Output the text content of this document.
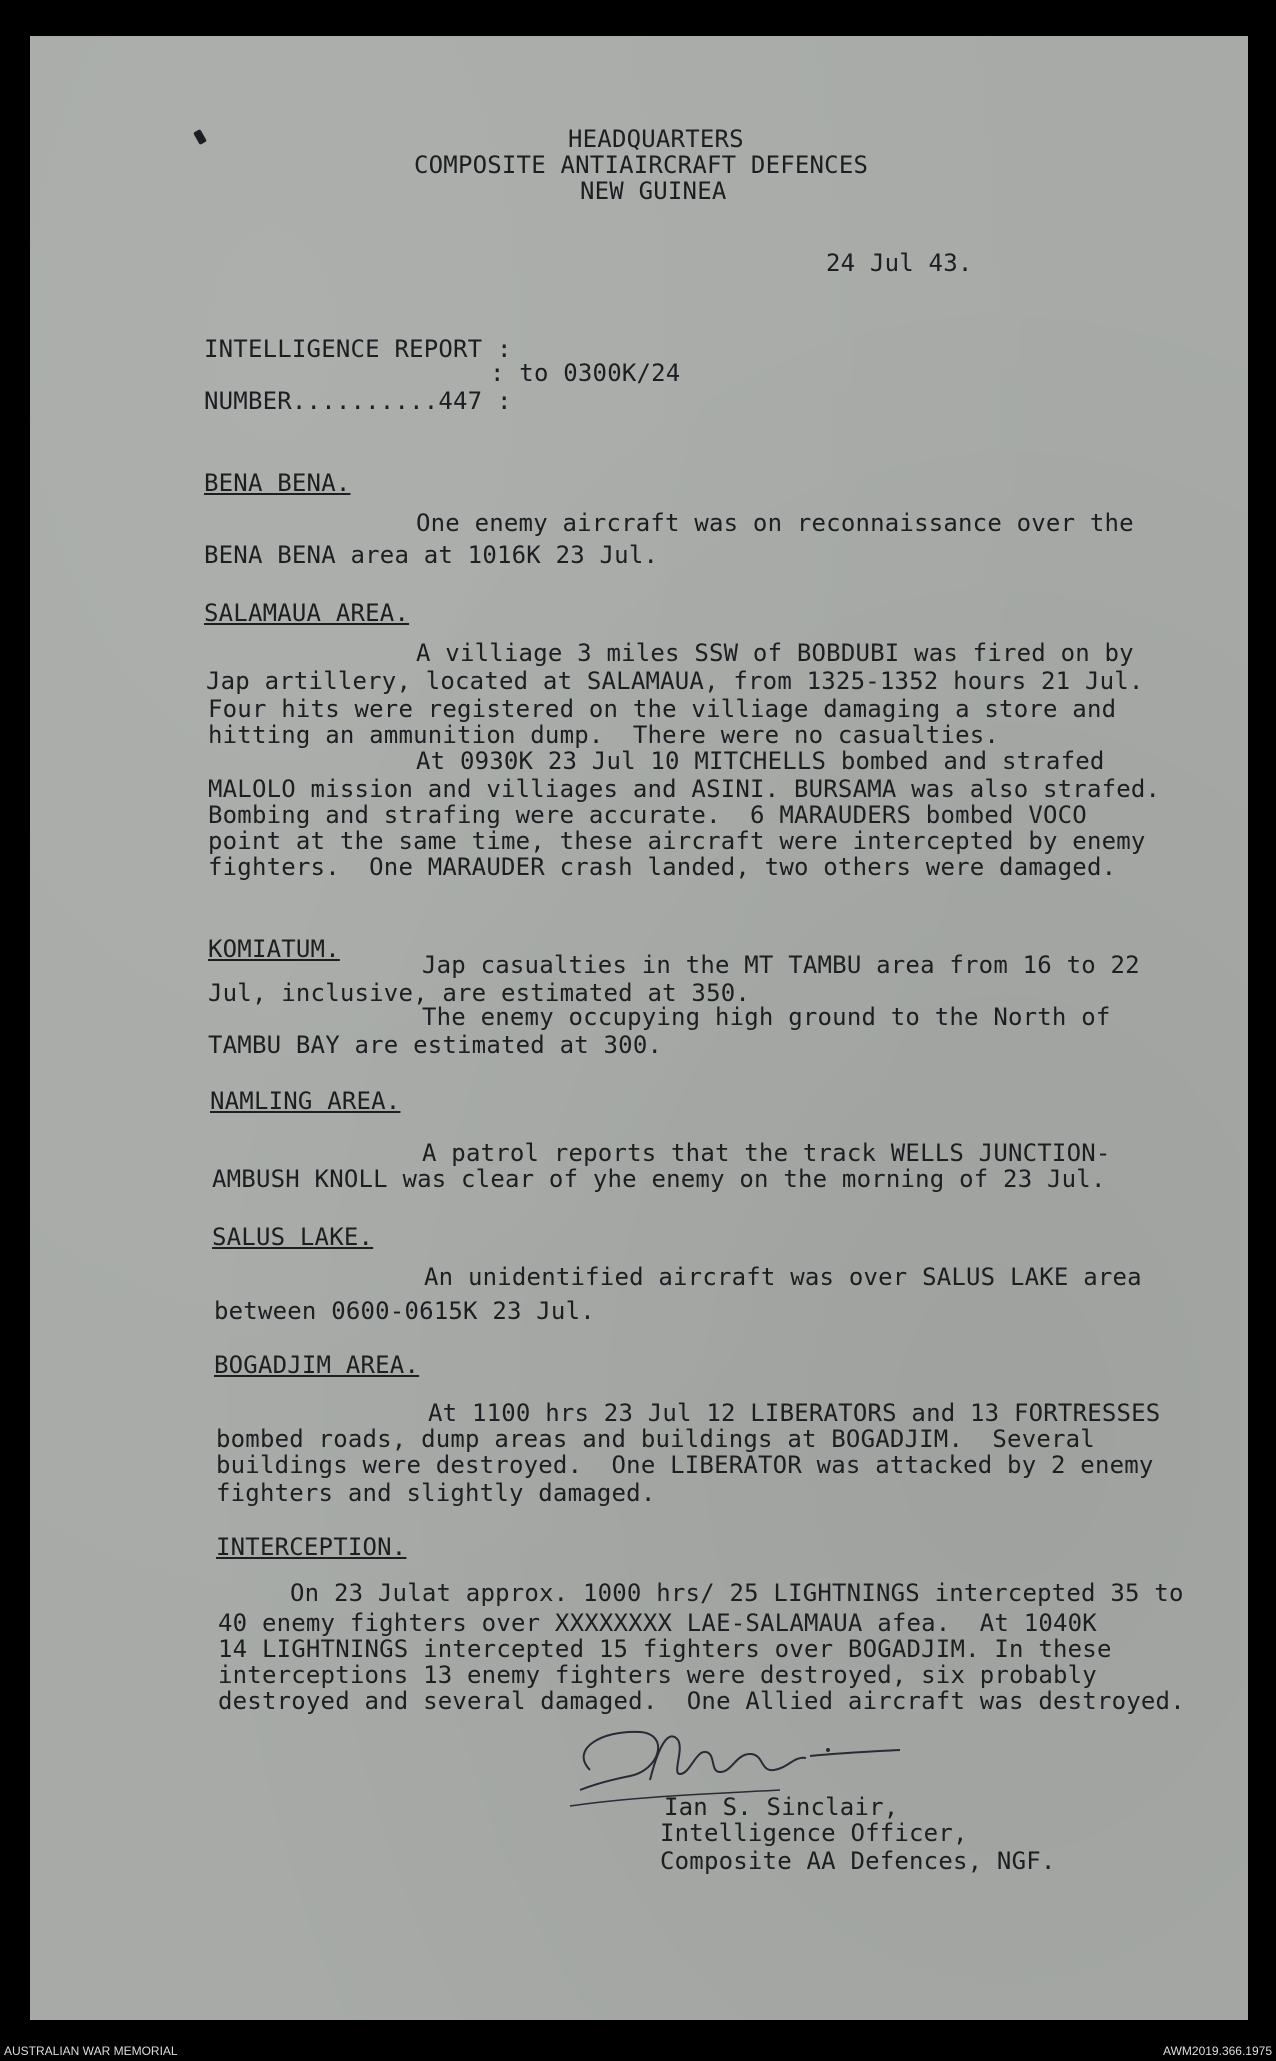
HEADQUARTERS
COMPOSITE ANTIAIRCRAFT DEFENCES
NEW GUINEA
24 Jul 43.
INTELLIGENCE REPORT :
: to 0300K/24
NUMBER..........447 :
BENA BENA.
One enemy aircraft was on reconnaissance over the
BENA BENA area at 1016K 23 Jul.
SALAMAUA AREA.
A villiage 3 miles SSW of BOBDUBI was fired on by
Jap artillery, located at SALAMAUA, from 1325-1352 hours 21 Jul.
Four hits were registered on the villiage damaging a store and
hitting an ammunition dump.  There were no casualties.
At 0930K 23 Jul 10 MITCHELLS bombed and strafed
MALOLO mission and villiages and ASINI. BURSAMA was also strafed.
Bombing and strafing were accurate.  6 MARAUDERS bombed VOCO
point at the same time, these aircraft were intercepted by enemy
fighters.  One MARAUDER crash landed, two others were damaged.
KOMIATUM.
Jap casualties in the MT TAMBU area from 16 to 22
Jul, inclusive, are estimated at 350.
The enemy occupying high ground to the North of
TAMBU BAY are estimated at 300.
NAMLING AREA.
A patrol reports that the track WELLS JUNCTION-
AMBUSH KNOLL was clear of yhe enemy on the morning of 23 Jul.
SALUS LAKE.
An unidentified aircraft was over SALUS LAKE area
between 0600-0615K 23 Jul.
BOGADJIM AREA.
At 1100 hrs 23 Jul 12 LIBERATORS and 13 FORTRESSES
bombed roads, dump areas and buildings at BOGADJIM.  Several
buildings were destroyed.  One LIBERATOR was attacked by 2 enemy
fighters and slightly damaged.
INTERCEPTION.
On 23 Julat approx. 1000 hrs/ 25 LIGHTNINGS intercepted 35 to
40 enemy fighters over XXXXXXXX LAE-SALAMAUA afea.  At 1040K
14 LIGHTNINGS intercepted 15 fighters over BOGADJIM. In these
interceptions 13 enemy fighters were destroyed, six probably
destroyed and several damaged.  One Allied aircraft was destroyed.
Ian S. Sinclair,
Intelligence Officer,
Composite AA Defences, NGF.
AUSTRALIAN WAR MEMORIAL	AWM2019.366.1975
